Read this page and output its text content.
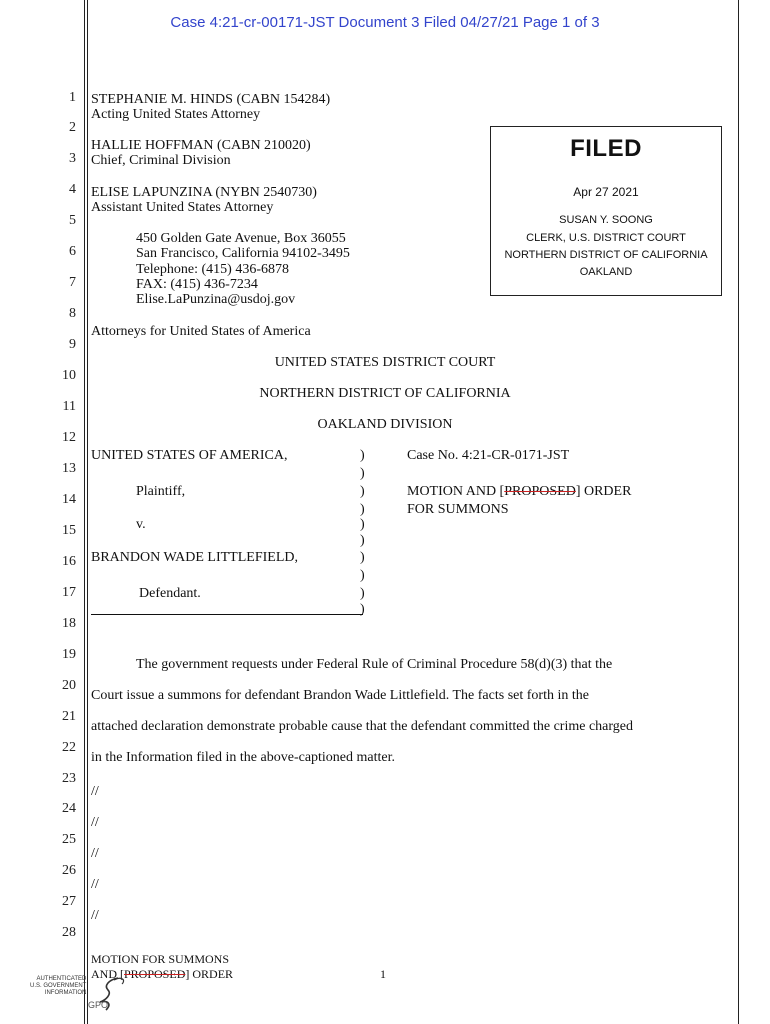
Case 4:21-cr-00171-JST Document 3 Filed 04/27/21 Page 1 of 3
1
2
3
4
5
6
7
8
9
10
11
12
13
14
15
16
17
18
19
20
21
22
23
24
25
26
27
28
STEPHANIE M. HINDS (CABN 154284)
Acting United States Attorney
HALLIE HOFFMAN (CABN 210020)
Chief, Criminal Division
ELISE LAPUNZINA (NYBN 2540730)
Assistant United States Attorney
450 Golden Gate Avenue, Box 36055
San Francisco, California 94102-3495
Telephone: (415) 436-6878
FAX: (415) 436-7234
Elise.LaPunzina@usdoj.gov
Attorneys for United States of America
FILED
Apr 27 2021
SUSAN Y. SOONG
CLERK, U.S. DISTRICT COURT
NORTHERN DISTRICT OF CALIFORNIA
OAKLAND
UNITED STATES DISTRICT COURT
NORTHERN DISTRICT OF CALIFORNIA
OAKLAND DIVISION
UNITED STATES OF AMERICA,
Plaintiff,
v.
BRANDON WADE LITTLEFIELD,
Defendant.
)
)
)
)
)
)
)
)
)
)
Case No. 4:21-CR-0171-JST
MOTION AND [PROPOSED] ORDER
FOR SUMMONS
The government requests under Federal Rule of Criminal Procedure 58(d)(3) that the
Court issue a summons for defendant Brandon Wade Littlefield. The facts set forth in the
attached declaration demonstrate probable cause that the defendant committed the crime charged
in the Information filed in the above-captioned matter.
//
//
//
//
//
MOTION FOR SUMMONS
AND [PROPOSED] ORDER	1
AUTHENTICATED
U.S. GOVERNMENT
INFORMATION
GPO
